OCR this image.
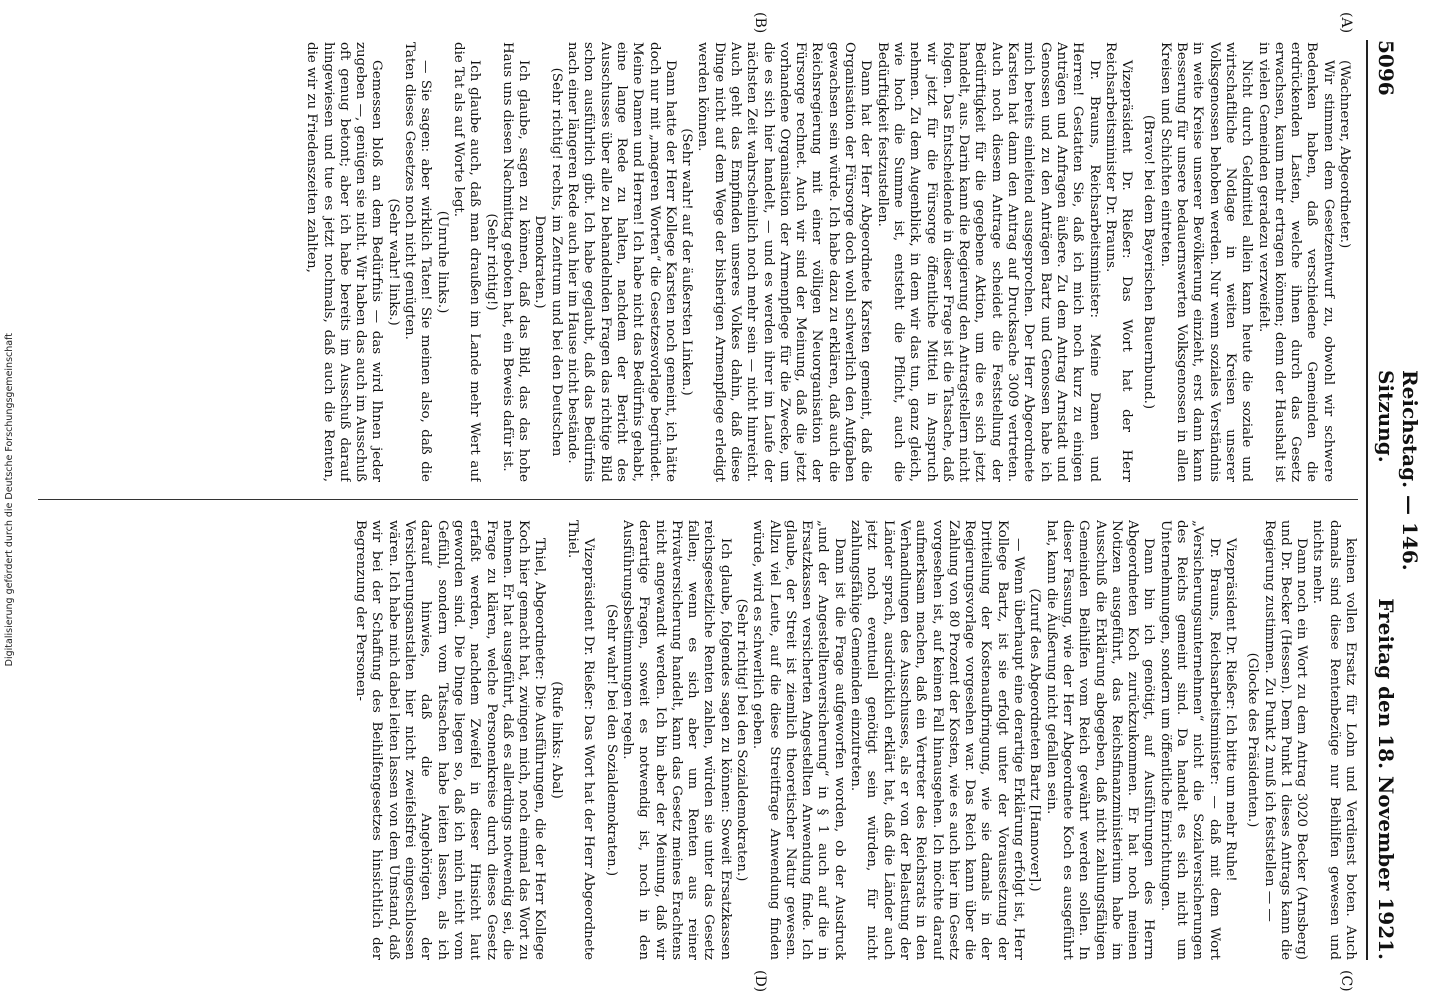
Digitalisierung gefördert durch die Deutsche Forschungsgemeinschaft
5096
Reichstag. — 146. Sitzung.
Freitag den 18. November 1921.
(A)
(B)
(C)
(D)

(Wachnerer, Abgeordneter.)

Wir stimmen dem Gesetzentwurf zu, obwohl wir schwere Bedenken haben, daß verschiedene Gemeinden die erdrückenden Lasten, welche ihnen durch das Gesetz erwachsen, kaum mehr ertragen können; denn der Haushalt ist in vielen Gemeinden geradezu verzweifelt.

Nicht durch Geldmittel allein kann heute die soziale und wirtschaftliche Notlage in weiten Kreisen unserer Volksgenossen behoben werden. Nur wenn soziales Verständnis in weite Kreise unserer Bevölkerung einzieht, erst dann kann Besserung für unsere bedauernswerten Volksgenossen in allen Kreisen und Schichten eintreten.

(Bravo! bei dem Bayerischen Bauernbund.)

Vizepräsident Dr. Rießer: Das Wort hat der Herr Reichsarbeitsminister Dr. Brauns.

Dr. Brauns, Reichsarbeitsminister: Meine Damen und Herren! Gestatten Sie, daß ich mich noch kurz zu einigen Anträgen und Anfragen äußere. Zu dem Antrag Arnstadt und Genossen und zu den Anträgen Bartz und Genossen habe ich mich bereits einleitend ausgesprochen. Der Herr Abgeordnete Karsten hat dann den Antrag auf Drucksache 3009 vertreten. Auch noch diesem Antrage scheidet die Feststellung der Bedürftigkeit für die gegebene Aktion, um die es sich jetzt handelt, aus. Darin kann die Regierung den Antragstellern nicht folgen. Das Entscheidende in dieser Frage ist die Tatsache, daß wir jetzt für die Fürsorge öffentliche Mittel in Anspruch nehmen. Zu dem Augenblick, in dem wir das tun, ganz gleich, wie hoch die Summe ist, entsteht die Pflicht, auch die Bedürftigkeit festzustellen.

Dann hat der Herr Abgeordnete Karsten gemeint, daß die Organisation der Fürsorge doch wohl schwerlich den Aufgaben gewachsen sein würde. Ich habe dazu zu erklären, daß auch die Reichsregierung mit einer völligen Neuorganisation der Fürsorge rechnet. Auch wir sind der Meinung, daß die jetzt vorhandene Organisation der Armenpflege für die Zwecke, um die es sich hier handelt, — und es werden ihrer im Laufe der nächsten Zeit wahrscheinlich noch mehr sein — nicht hinreicht. Auch geht das Empfinden unseres Volkes dahin, daß diese Dinge nicht auf dem Wege der bisherigen Armenpflege erledigt werden können.

(Sehr wahr! auf der äußersten Linken.)

Dann hatte der Herr Kollege Karsten noch gemeint, ich hätte doch nur mit „mageren Worten“ die Gesetzesvorlage begründet. Meine Damen und Herren! Ich habe nicht das Bedürfnis gehabt, eine lange Rede zu halten, nachdem der Bericht des Ausschusses über alle zu behandelnden Fragen das richtige Bild schon ausführlich gibt. Ich habe geglaubt, daß das Bedürfnis nach einer längeren Rede auch hier im Hause nicht bestände.

(Sehr richtig! rechts, im Zentrum und bei den Deutschen Demokraten.)

Ich glaube, sagen zu können, daß das Bild, das das hohe Haus uns diesen Nachmittag geboten hat, ein Beweis dafür ist.

(Sehr richtig!)

Ich glaube auch, daß man draußen im Lande mehr Wert auf die Tat als auf Worte legt.

(Unruhe links.)

— Sie sagen: aber wirklich Taten! Sie meinen also, daß die Taten dieses Gesetzes noch nicht genügten.

(Sehr wahr! links.)

Gemessen bloß an dem Bedürfnis — das wird Ihnen jeder zugeben —, genügen sie nicht. Wir haben das auch im Ausschuß oft genug betont; aber ich habe bereits im Ausschuß darauf hingewiesen und tue es jetzt nochmals, daß auch die Renten, die wir zu Friedenszeiten zahlten,

keinen vollen Ersatz für Lohn und Verdienst boten. Auch damals sind diese Rentenbezüge nur Beihilfen gewesen und nichts mehr.

Dann noch ein Wort zu dem Antrag 3020 Becker (Arnsberg) und Dr. Becker (Hessen). Dem Punkt 1 dieses Antrags kann die Regierung zustimmen. Zu Punkt 2 muß ich feststellen — —

(Glocke des Präsidenten.)

Vizepräsident Dr. Rießer: Ich bitte um mehr Ruhe!

Dr. Brauns, Reichsarbeitsminister: — daß mit dem Wort „Versicherungsunternehmen“ nicht die Sozialversicherungen des Reichs gemeint sind. Da handelt es sich nicht um Unternehmungen, sondern um öffentliche Einrichtungen.

Dann bin ich genötigt, auf Ausführungen des Herrn Abgeordneten Koch zurückzukommen. Er hat noch meinen Notizen ausgeführt, das Reichsfinanzministerium habe im Ausschuß die Erklärung abgegeben, daß nicht zahlungsfähigen Gemeinden Beihilfen vom Reich gewährt werden sollen. In dieser Fassung, wie der Herr Abgeordnete Koch es ausgeführt hat, kann die Äußerung nicht gefallen sein.

(Zuruf des Abgeordneten Bartz [Hannover].)

— Wenn überhaupt eine derartige Erklärung erfolgt ist, Herr Kollege Bartz, ist sie erfolgt unter der Voraussetzung der Dritteilung der Kostenaufbringung, wie sie damals in der Regierungsvorlage vorgesehen war. Das Reich kann über die Zahlung von 80 Prozent der Kosten, wie es auch hier im Gesetz vorgesehen ist, auf keinen Fall hinausgehen. Ich möchte darauf aufmerksam machen, daß ein Vertreter des Reichsrats in den Verhandlungen des Ausschusses, als er von der Belastung der Länder sprach, ausdrücklich erklärt hat, daß die Länder auch jetzt noch eventuell genötigt sein würden, für nicht zahlungsfähige Gemeinden einzutreten.

Dann ist die Frage aufgeworfen worden, ob der Ausdruck „und der Angestelltenversicherung“ in § 1 auch auf die in Ersatzkassen versicherten Angestellten Anwendung finde. Ich glaube, der Streit ist ziemlich theoretischer Natur gewesen. Allzu viel Leute, auf die diese Streitfrage Anwendung finden würde, wird es schwerlich geben.

(Sehr richtig! bei den Sozialdemokraten.)

Ich glaube, folgendes sagen zu können: Soweit Ersatzkassen reichsgesetzliche Renten zahlen, würden sie unter das Gesetz fallen; wenn es sich aber um Renten aus reiner Privatversicherung handelt, kann das Gesetz meines Erachtens nicht angewandt werden. Ich bin aber der Meinung, daß wir derartige Fragen, soweit es notwendig ist, noch in den Ausführungsbestimmungen regeln.

(Sehr wahr! bei den Sozialdemokraten.)

Vizepräsident Dr. Rießer: Das Wort hat der Herr Abgeordnete Thiel.

(Rufe links: Abal)

Thiel, Abgeordneter: Die Ausführungen, die der Herr Kollege Koch hier gemacht hat, zwingen mich, noch einmal das Wort zu nehmen. Er hat ausgeführt, daß es allerdings notwendig sei, die Frage zu klären, welche Personenkreise durch dieses Gesetz erfaßt werden, nachdem Zweifel in dieser Hinsicht laut geworden sind. Die Dinge liegen so, daß ich mich nicht vom Gefühl, sondern vom Tatsachen habe leiten lassen, als ich darauf hinwies, daß die Angehörigen der Versicherungsanstalten hier nicht zweifelsfrei eingeschlossen wären. Ich habe mich dabei leiten lassen von dem Umstand, daß wir bei der Schaffung des Beihilfengesetzes hinsichtlich der Begrenzung der Personen-
